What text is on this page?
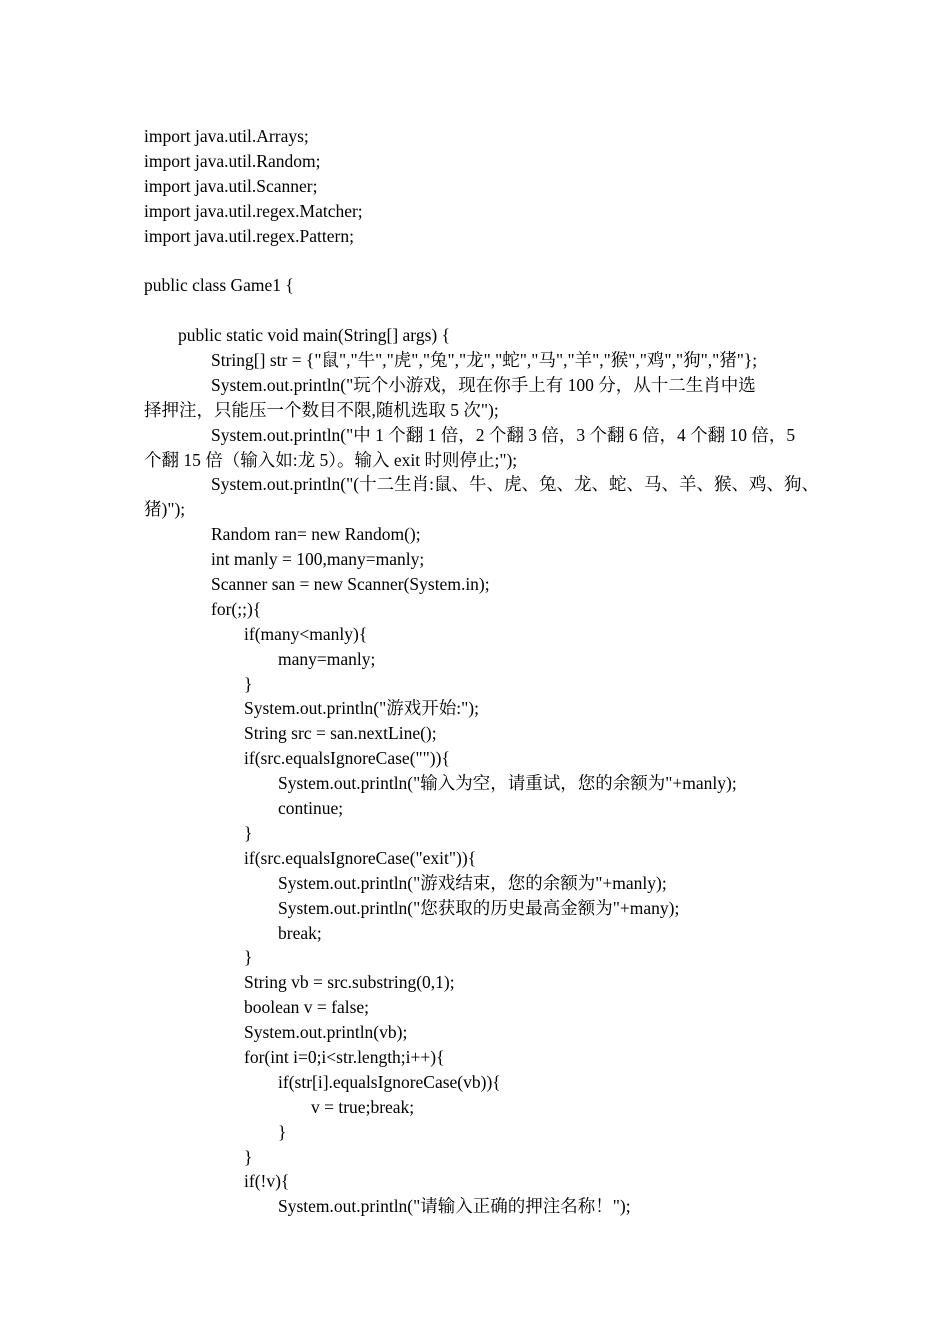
import java.util.Arrays;
import java.util.Random;
import java.util.Scanner;
import java.util.regex.Matcher;
import java.util.regex.Pattern;
public class Game1 {
public static void main(String[] args) {
String[] str = {"鼠","牛","虎","兔","龙","蛇","马","羊","猴","鸡","狗","猪"};
System.out.println("玩个小游戏，现在你手上有 100 分，从十二生肖中选
择押注，只能压一个数目不限,随机选取 5 次");
System.out.println("中 1 个翻 1 倍，2 个翻 3 倍，3 个翻 6 倍，4 个翻 10 倍，5
个翻 15 倍（输入如:龙 5）。输入 exit 时则停止;");
System.out.println("(十二生肖:鼠、牛、虎、兔、龙、蛇、马、羊、猴、鸡、狗、
猪)");
Random ran= new Random();
int manly = 100,many=manly;
Scanner san = new Scanner(System.in);
for(;;){
if(many<manly){
many=manly;
}
System.out.println("游戏开始:");
String src = san.nextLine();
if(src.equalsIgnoreCase("")){
System.out.println("输入为空，请重试，您的余额为"+manly);
continue;
}
if(src.equalsIgnoreCase("exit")){
System.out.println("游戏结束，您的余额为"+manly);
System.out.println("您获取的历史最高金额为"+many);
break;
}
String vb = src.substring(0,1);
boolean v = false;
System.out.println(vb);
for(int i=0;i<str.length;i++){
if(str[i].equalsIgnoreCase(vb)){
v = true;break;
}
}
if(!v){
System.out.println("请输入正确的押注名称！");
